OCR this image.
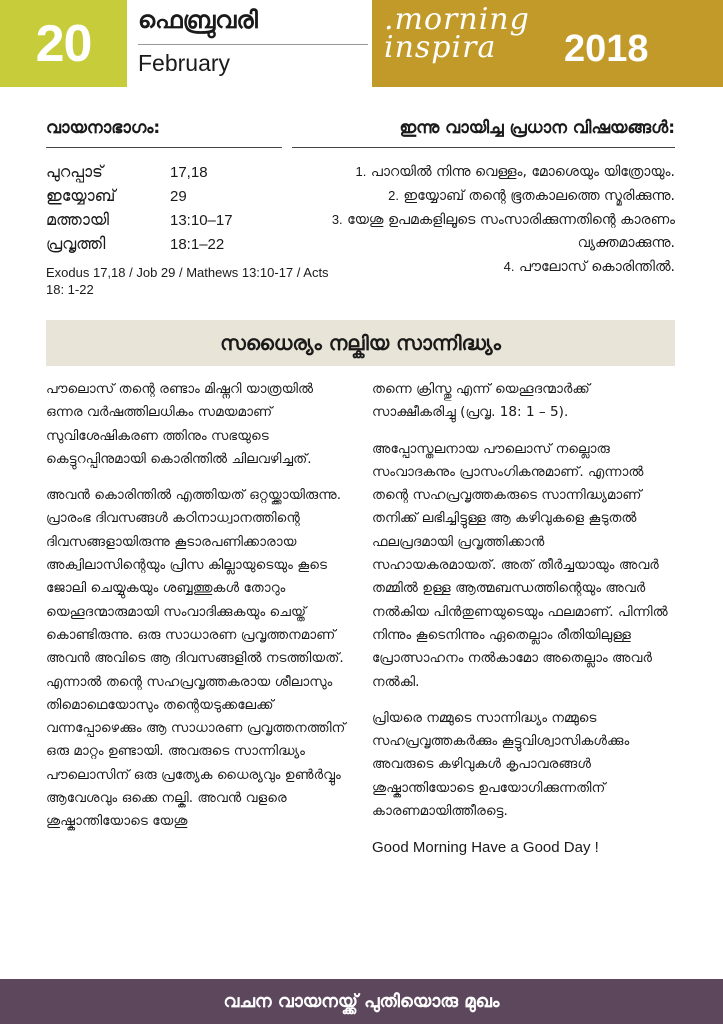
20 ഫെബ്രുവരി
February
.morning
inspira	2018
വായനാഭാഗം:
പുറപ്പാട്	17,18
ഇയ്യോബ്	29
മത്തായി	13:10–17
പ്രവൃത്തി	18:1–22
Exodus 17,18 / Job 29 / Mathews 13:10-17 / Acts 18: 1-22
ഇന്നു വായിച്ച പ്രധാന വിഷയങ്ങൾ:
1. പാറയിൽ നിന്നു വെള്ളം, മോശെയും യിത്രോയും.
2. ഇയ്യോബ് തന്റെ ഭൂതകാലത്തെ സ്മരിക്കുന്നു.
3. യേശു ഉപമകളിലൂടെ സംസാരിക്കുന്നതിന്റെ കാരണം വ്യക്തമാക്കുന്നു.
4. പൗലോസ് കൊരിന്തിൽ.
സധൈര്യം നല്കിയ സാന്നിദ്ധ്യം

പൗലൊസ് തന്റെ രണ്ടാം മിഷ്നറി യാത്രയിൽ ഒന്നര വർഷത്തിലധികം സമയമാണ് സുവിശേഷികരണ ത്തിനും സഭയുടെ കെട്ടുറപ്പിനുമായി കൊരിന്തിൽ ചിലവഴിച്ചത്.

അവൻ കൊരിന്തിൽ എത്തിയത് ഒറ്റയ്ക്കായിരുന്നു. പ്രാരംഭ ദിവസങ്ങൾ കഠിനാധ്വാനത്തിന്റെ ദിവസങ്ങളായിരുന്നു കൂടാരപണിക്കാരായ അക്വിലാസിന്റെയും പ്രിസ കില്ലായുടെയും കൂടെ ജോലി ചെയ്യുകയും ശബ്ബത്തുകൾ തോറും യെഹൂദന്മാരുമായി സംവാദിക്കുകയും ചെയ്ത് കൊണ്ടിരുന്നു. ഒരു സാധാരണ പ്രവൃത്തനമാണ് അവൻ അവിടെ ആ ദിവസങ്ങളിൽ നടത്തിയത്. എന്നാൽ തന്റെ സഹപ്രവൃത്തകരായ ശീലാസും തിമൊഥെയോസും തന്റെയടുക്കലേക്ക് വന്നപ്പോഴെക്കും ആ സാധാരണ പ്രവൃത്തനത്തിന് ഒരു മാറ്റം ഉണ്ടായി. അവരുടെ സാന്നിദ്ധ്യം പൗലൊസിന് ഒരു പ്രത്യേക ധൈര്യവും ഉൺർവ്വും ആവേശവും ഒക്കെ നല്കി. അവൻ വളരെ ശുഷ്കാന്തിയോടെ യേശു

തന്നെ ക്രിസ്തു എന്ന് യെഹൂദന്മാർക്ക് സാക്ഷീകരിച്ചു (പ്രവൃ. 18: 1 – 5).

അപ്പോസ്തലനായ പൗലൊസ് നല്ലൊരു സംവാദകനും പ്രാസംഗികനുമാണ്. എന്നാൽ തന്റെ സഹപ്രവൃത്തകരുടെ സാന്നിദ്ധ്യമാണ് തനിക്ക് ലഭിച്ചിട്ടുള്ള ആ കഴിവുകളെ കൂടുതൽ ഫലപ്രദമായി പ്രവൃത്തിക്കാൻ സഹായകരമായത്. അത് തീർച്ചയായും അവർ തമ്മിൽ ഉള്ള ആത്മബന്ധത്തിന്റെയും അവർ നൽകിയ പിൻതുണയുടെയും ഫലമാണ്. പിന്നിൽ നിന്നും കൂടെനിന്നും ഏതെല്ലാം രീതിയിലുള്ള പ്രോത്സാഹനം നൽകാമോ അതെല്ലാം അവർ നൽകി.

പ്രിയരെ നമ്മുടെ സാന്നിദ്ധ്യം നമ്മുടെ സഹപ്രവൃത്തകർക്കും കൂട്ടുവിശ്വാസികൾക്കും അവരുടെ കഴിവുകൾ കൃപാവരങ്ങൾ ശുഷ്കാന്തിയോടെ ഉപയോഗിക്കുന്നതിന് കാരണമായിത്തീരട്ടെ.

Good Morning Have a Good Day !
വചന വായനയ്ക്ക് പുതിയൊരു മുഖം
